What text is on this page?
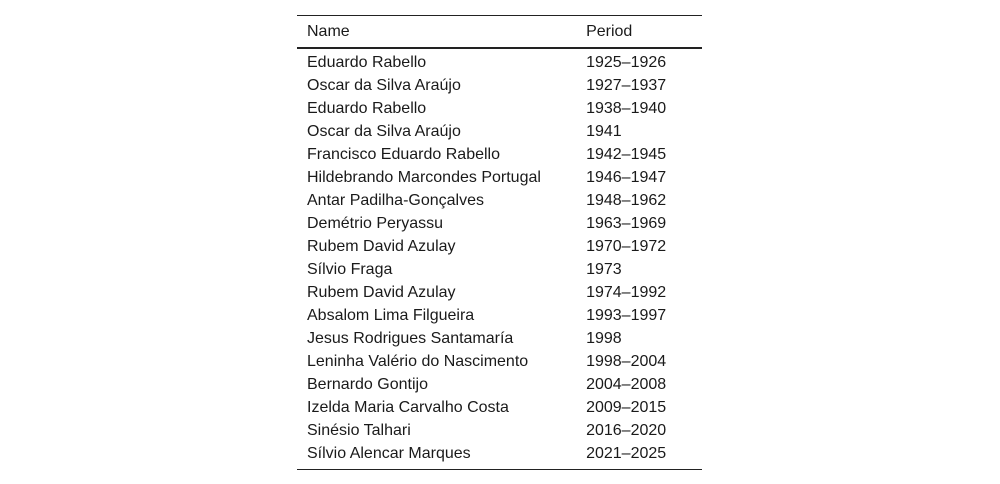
Name	Period
Eduardo Rabello	1925–1926
Oscar da Silva Araújo	1927–1937
Eduardo Rabello	1938–1940
Oscar da Silva Araújo	1941
Francisco Eduardo Rabello	1942–1945
Hildebrando Marcondes Portugal	1946–1947
Antar Padilha-Gonçalves	1948–1962
Demétrio Peryassu	1963–1969
Rubem David Azulay	1970–1972
Sílvio Fraga	1973
Rubem David Azulay	1974–1992
Absalom Lima Filgueira	1993–1997
Jesus Rodrigues Santamaría	1998
Leninha Valério do Nascimento	1998–2004
Bernardo Gontijo	2004–2008
Izelda Maria Carvalho Costa	2009–2015
Sinésio Talhari	2016–2020
Sílvio Alencar Marques	2021–2025
